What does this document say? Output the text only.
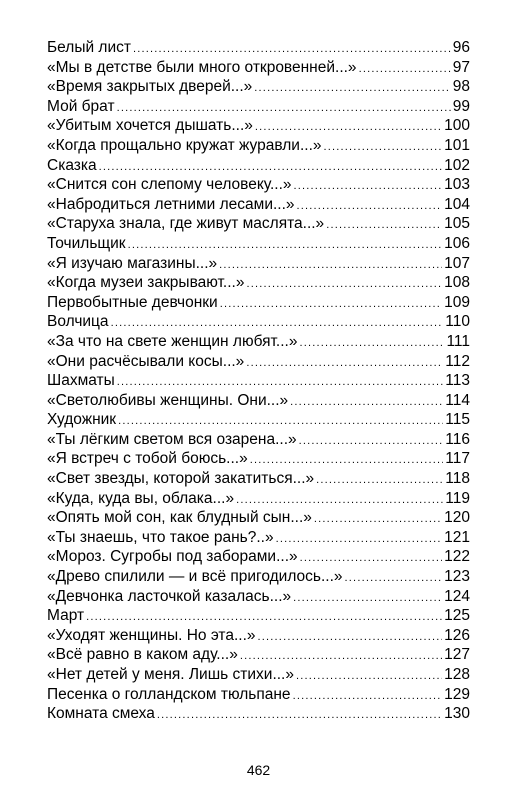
Белый лист .....	96
«Мы в детстве были много откровенней...» .....	97
«Время закрытых дверей...» .....	98
Мой брат .....	99
«Убитым хочется дышать...» .....	100
«Когда прощально кружат журавли...» .....	101
Сказка .....	102
«Снится сон слепому человеку...» .....	103
«Набродиться летними лесами...» .....	104
«Старуха знала, где живут маслята...» .....	105
Точильщик .....	106
«Я изучаю магазины...» .....	107
«Когда музеи закрывают...» .....	108
Первобытные девчонки .....	109
Волчица .....	110
«За что на свете женщин любят...» .....	111
«Они расчёсывали косы...» .....	112
Шахматы .....	113
«Светолюбивы женщины. Они...» .....	114
Художник .....	115
«Ты лёгким светом вся озарена...» .....	116
«Я встреч с тобой боюсь...» .....	117
«Свет звезды, которой закатиться...» .....	118
«Куда, куда вы, облака...» .....	119
«Опять мой сон, как блудный сын...» .....	120
«Ты знаешь, что такое рань?..» .....	121
«Мороз. Сугробы под заборами...» .....	122
«Древо спилили — и всё пригодилось...» .....	123
«Девчонка ласточкой казалась...» .....	124
Март .....	125
«Уходят женщины. Но эта...» .....	126
«Всё равно в каком аду...» .....	127
«Нет детей у меня. Лишь стихи...» .....	128
Песенка о голландском тюльпане .....	129
Комната смеха .....	130
462
